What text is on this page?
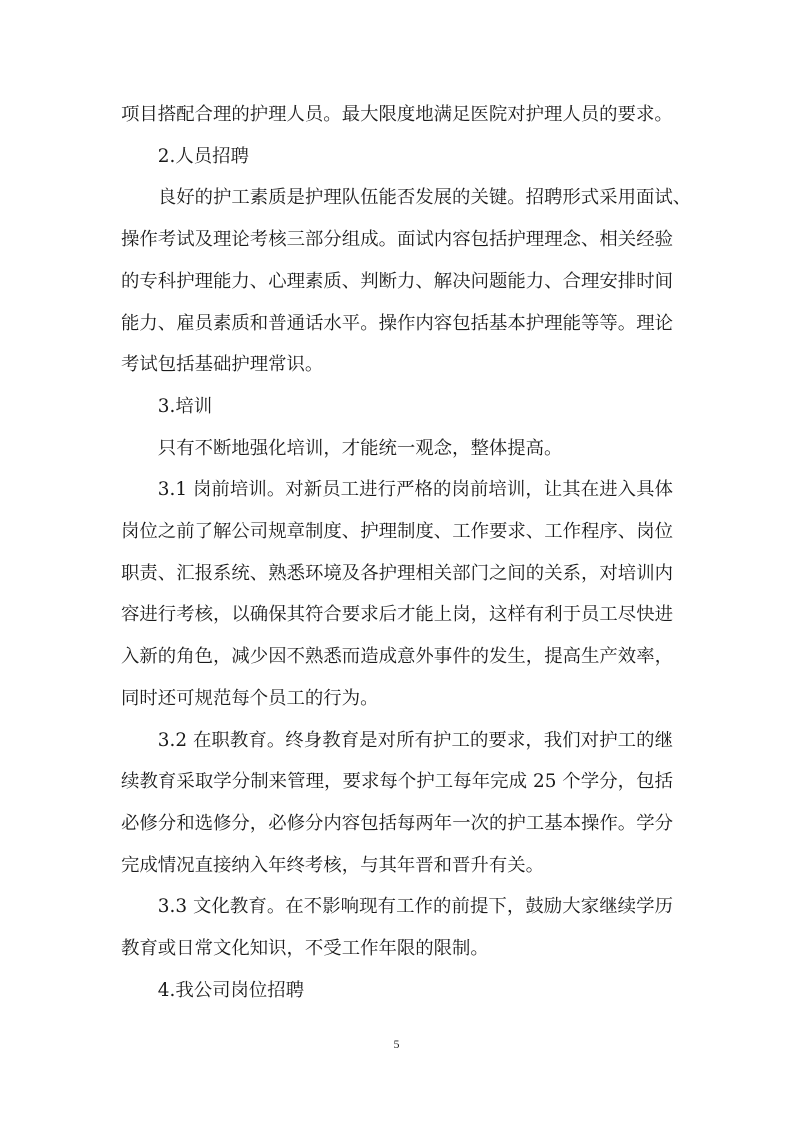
项目搭配合理的护理人员。最大限度地满足医院对护理人员的要求。
2.人员招聘
良好的护工素质是护理队伍能否发展的关键。招聘形式采用面试、
操作考试及理论考核三部分组成。面试内容包括护理理念、相关经验
的专科护理能力、心理素质、判断力、解决问题能力、合理安排时间
能力、雇员素质和普通话水平。操作内容包括基本护理能等等。理论
考试包括基础护理常识。
3.培训
只有不断地强化培训，才能统一观念，整体提高。
3.1 岗前培训。对新员工进行严格的岗前培训，让其在进入具体
岗位之前了解公司规章制度、护理制度、工作要求、工作程序、岗位
职责、汇报系统、熟悉环境及各护理相关部门之间的关系，对培训内
容进行考核，以确保其符合要求后才能上岗，这样有利于员工尽快进
入新的角色，减少因不熟悉而造成意外事件的发生，提高生产效率，
同时还可规范每个员工的行为。
3.2 在职教育。终身教育是对所有护工的要求，我们对护工的继
续教育采取学分制来管理，要求每个护工每年完成 25 个学分，包括
必修分和选修分，必修分内容包括每两年一次的护工基本操作。学分
完成情况直接纳入年终考核，与其年晋和晋升有关。
3.3 文化教育。在不影响现有工作的前提下，鼓励大家继续学历
教育或日常文化知识，不受工作年限的限制。
4.我公司岗位招聘
5
